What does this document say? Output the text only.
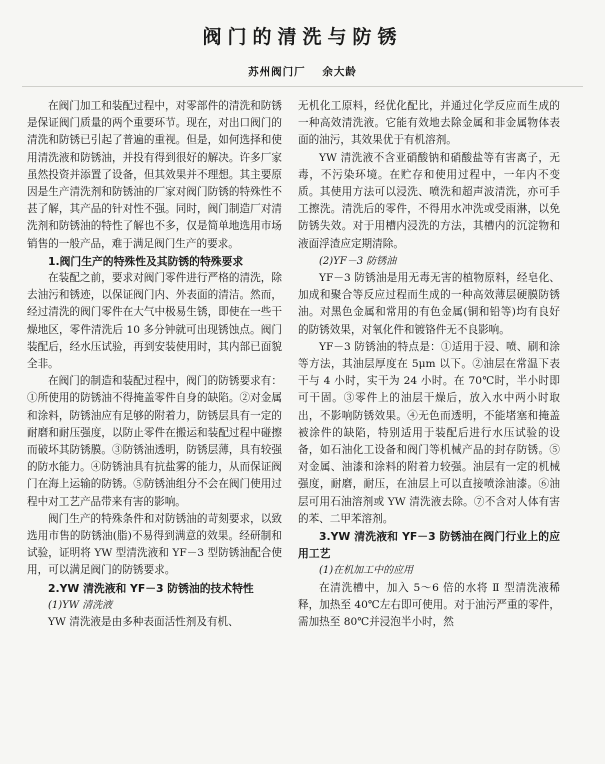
阀门的清洗与防锈
苏州阀门厂 余大龄

在阀门加工和装配过程中，对零部件的清洗和防锈是保证阀门质量的两个重要环节。现在，对出口阀门的清洗和防锈已引起了普遍的重视。但是，如何选择和使用清洗液和防锈油，并投有得到很好的解决。许多厂家虽然投资并添置了设备，但其效果并不理想。其主要原因是生产清洗剂和防锈油的厂家对阀门防锈的特殊性不甚了解，其产品的针对性不强。同时，阀门制造厂对清洗剂和防锈油的特性了解也不多，仅是简单地选用市场销售的一般产品，难于满足阀门生产的要求。

1.阀门生产的特殊性及其防锈的特殊要求

在装配之前，要求对阀门零件进行严格的清洗，除去油污和锈迹，以保证阀门内、外表面的清洁。然而，经过清洗的阀门零件在大气中极易生锈，即使在一些干燥地区，零件清洗后 10 多分钟就可出现锈蚀点。阀门装配后，经水压试验，再到安装使用时，其内部已面貌全非。

在阀门的制造和装配过程中，阀门的防锈要求有：①所使用的防锈油不得掩盖零件自身的缺陷。②对金属和涂料，防锈油应有足够的附着力，防锈层具有一定的耐磨和耐压强度，以防止零件在搬运和装配过程中碰擦而破坏其防锈膜。③防锈油透明，防锈层薄，具有较强的防水能力。④防锈油具有抗盐雾的能力，从而保证阀门在海上运输的防锈。⑤防锈油组分不会在阀门使用过程中对工艺产品带来有害的影响。

阀门生产的特殊条件和对防锈油的苛刻要求，以致选用市售的防锈油(脂)不易得到满意的效果。经研制和试验，证明将 YW 型清洗液和 YF－3 型防锈油配合使用，可以满足阀门的防锈要求。

2.YW 清洗液和 YF－3 防锈油的技术特性
(1)YW 清洗液

YW 清洗液是由多种表面活性剂及有机、

无机化工原料，经优化配比，并通过化学反应而生成的一种高效清洗液。它能有效地去除金属和非金属物体表面的油污，其效果优于有机溶剂。

YW 清洗液不含亚硝酸钠和硝酸盐等有害离子，无毒，不污染环境。在贮存和使用过程中，一年内不变质。其使用方法可以浸洗、喷洗和超声波清洗，亦可手工擦洗。清洗后的零件，不得用水冲洗或受雨淋，以免防锈失效。对于用槽内浸洗的方法，其槽内的沉淀物和液面浮渣应定期清除。

(2)YF－3 防锈油

YF－3 防锈油是用无毒无害的植物原料，经皂化、加成和聚合等反应过程而生成的一种高效薄层硬膜防锈油。对黑色金属和常用的有色金属(铜和铅等)均有良好的防锈效果，对氧化件和镀铬件无不良影响。

YF－3 防锈油的特点是：①适用于浸、喷、刷和涂等方法，其油层厚度在 5μm 以下。②油层在常温下表干与 4 小时，实干为 24 小时。在 70℃时，半小时即可干固。③零件上的油层干燥后，放入水中两小时取出，不影响防锈效果。④无色而透明，不能堵塞和掩盖被涂件的缺陷，特别适用于装配后进行水压试验的设备，如石油化工设备和阀门等机械产品的封存防锈。⑤对金属、油漆和涂料的附着力较强。油层有一定的机械强度，耐磨，耐压，在油层上可以直接喷涂油漆。⑥油层可用石油溶剂或 YW 清洗液去除。⑦不含对人体有害的苯、二甲苯溶剂。

3.YW 清洗液和 YF－3 防锈油在阀门行业上的应用工艺
(1)在机加工中的应用

在清洗槽中，加入 5～6 倍的水将 Ⅱ 型清洗液稀释，加热至 40℃左右即可使用。对于油污严重的零件，需加热至 80℃并浸泡半小时，然
